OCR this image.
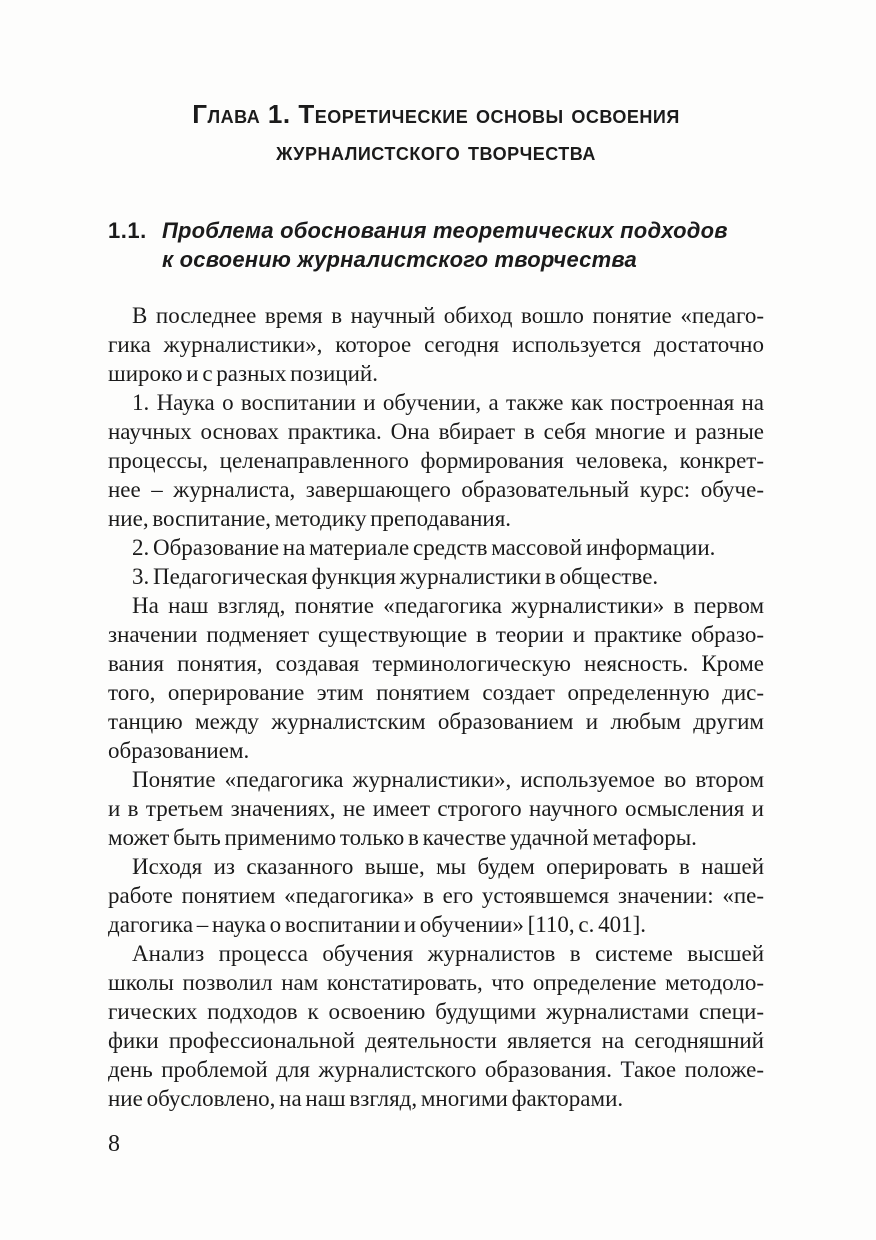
Глава 1. Теоретические основы освоения
журналистского творчества
1.1. Проблема обоснования теоретических подходов
к освоению журналистского творчества
В последнее время в научный обиход вошло понятие «педаго-
гика журналистики», которое сегодня используется достаточно
широко и с разных позиций.
1. Наука о воспитании и обучении, а также как построенная на
научных основах практика. Она вбирает в себя многие и разные
процессы, целенаправленного формирования человека, конкрет-
нее – журналиста, завершающего образовательный курс: обуче-
ние, воспитание, методику преподавания.
2. Образование на материале средств массовой информации.
3. Педагогическая функция журналистики в обществе.
На наш взгляд, понятие «педагогика журналистики» в первом
значении подменяет существующие в теории и практике образо-
вания понятия, создавая терминологическую неясность. Кроме
того, оперирование этим понятием создает определенную дис-
танцию между журналистским образованием и любым другим
образованием.
Понятие «педагогика журналистики», используемое во втором
и в третьем значениях, не имеет строгого научного осмысления и
может быть применимо только в качестве удачной метафоры.
Исходя из сказанного выше, мы будем оперировать в нашей
работе понятием «педагогика» в его устоявшемся значении: «пе-
дагогика – наука о воспитании и обучении» [110, с. 401].
Анализ процесса обучения журналистов в системе высшей
школы позволил нам констатировать, что определение методоло-
гических подходов к освоению будущими журналистами специ-
фики профессиональной деятельности является на сегодняшний
день проблемой для журналистского образования. Такое положе-
ние обусловлено, на наш взгляд, многими факторами.
8
